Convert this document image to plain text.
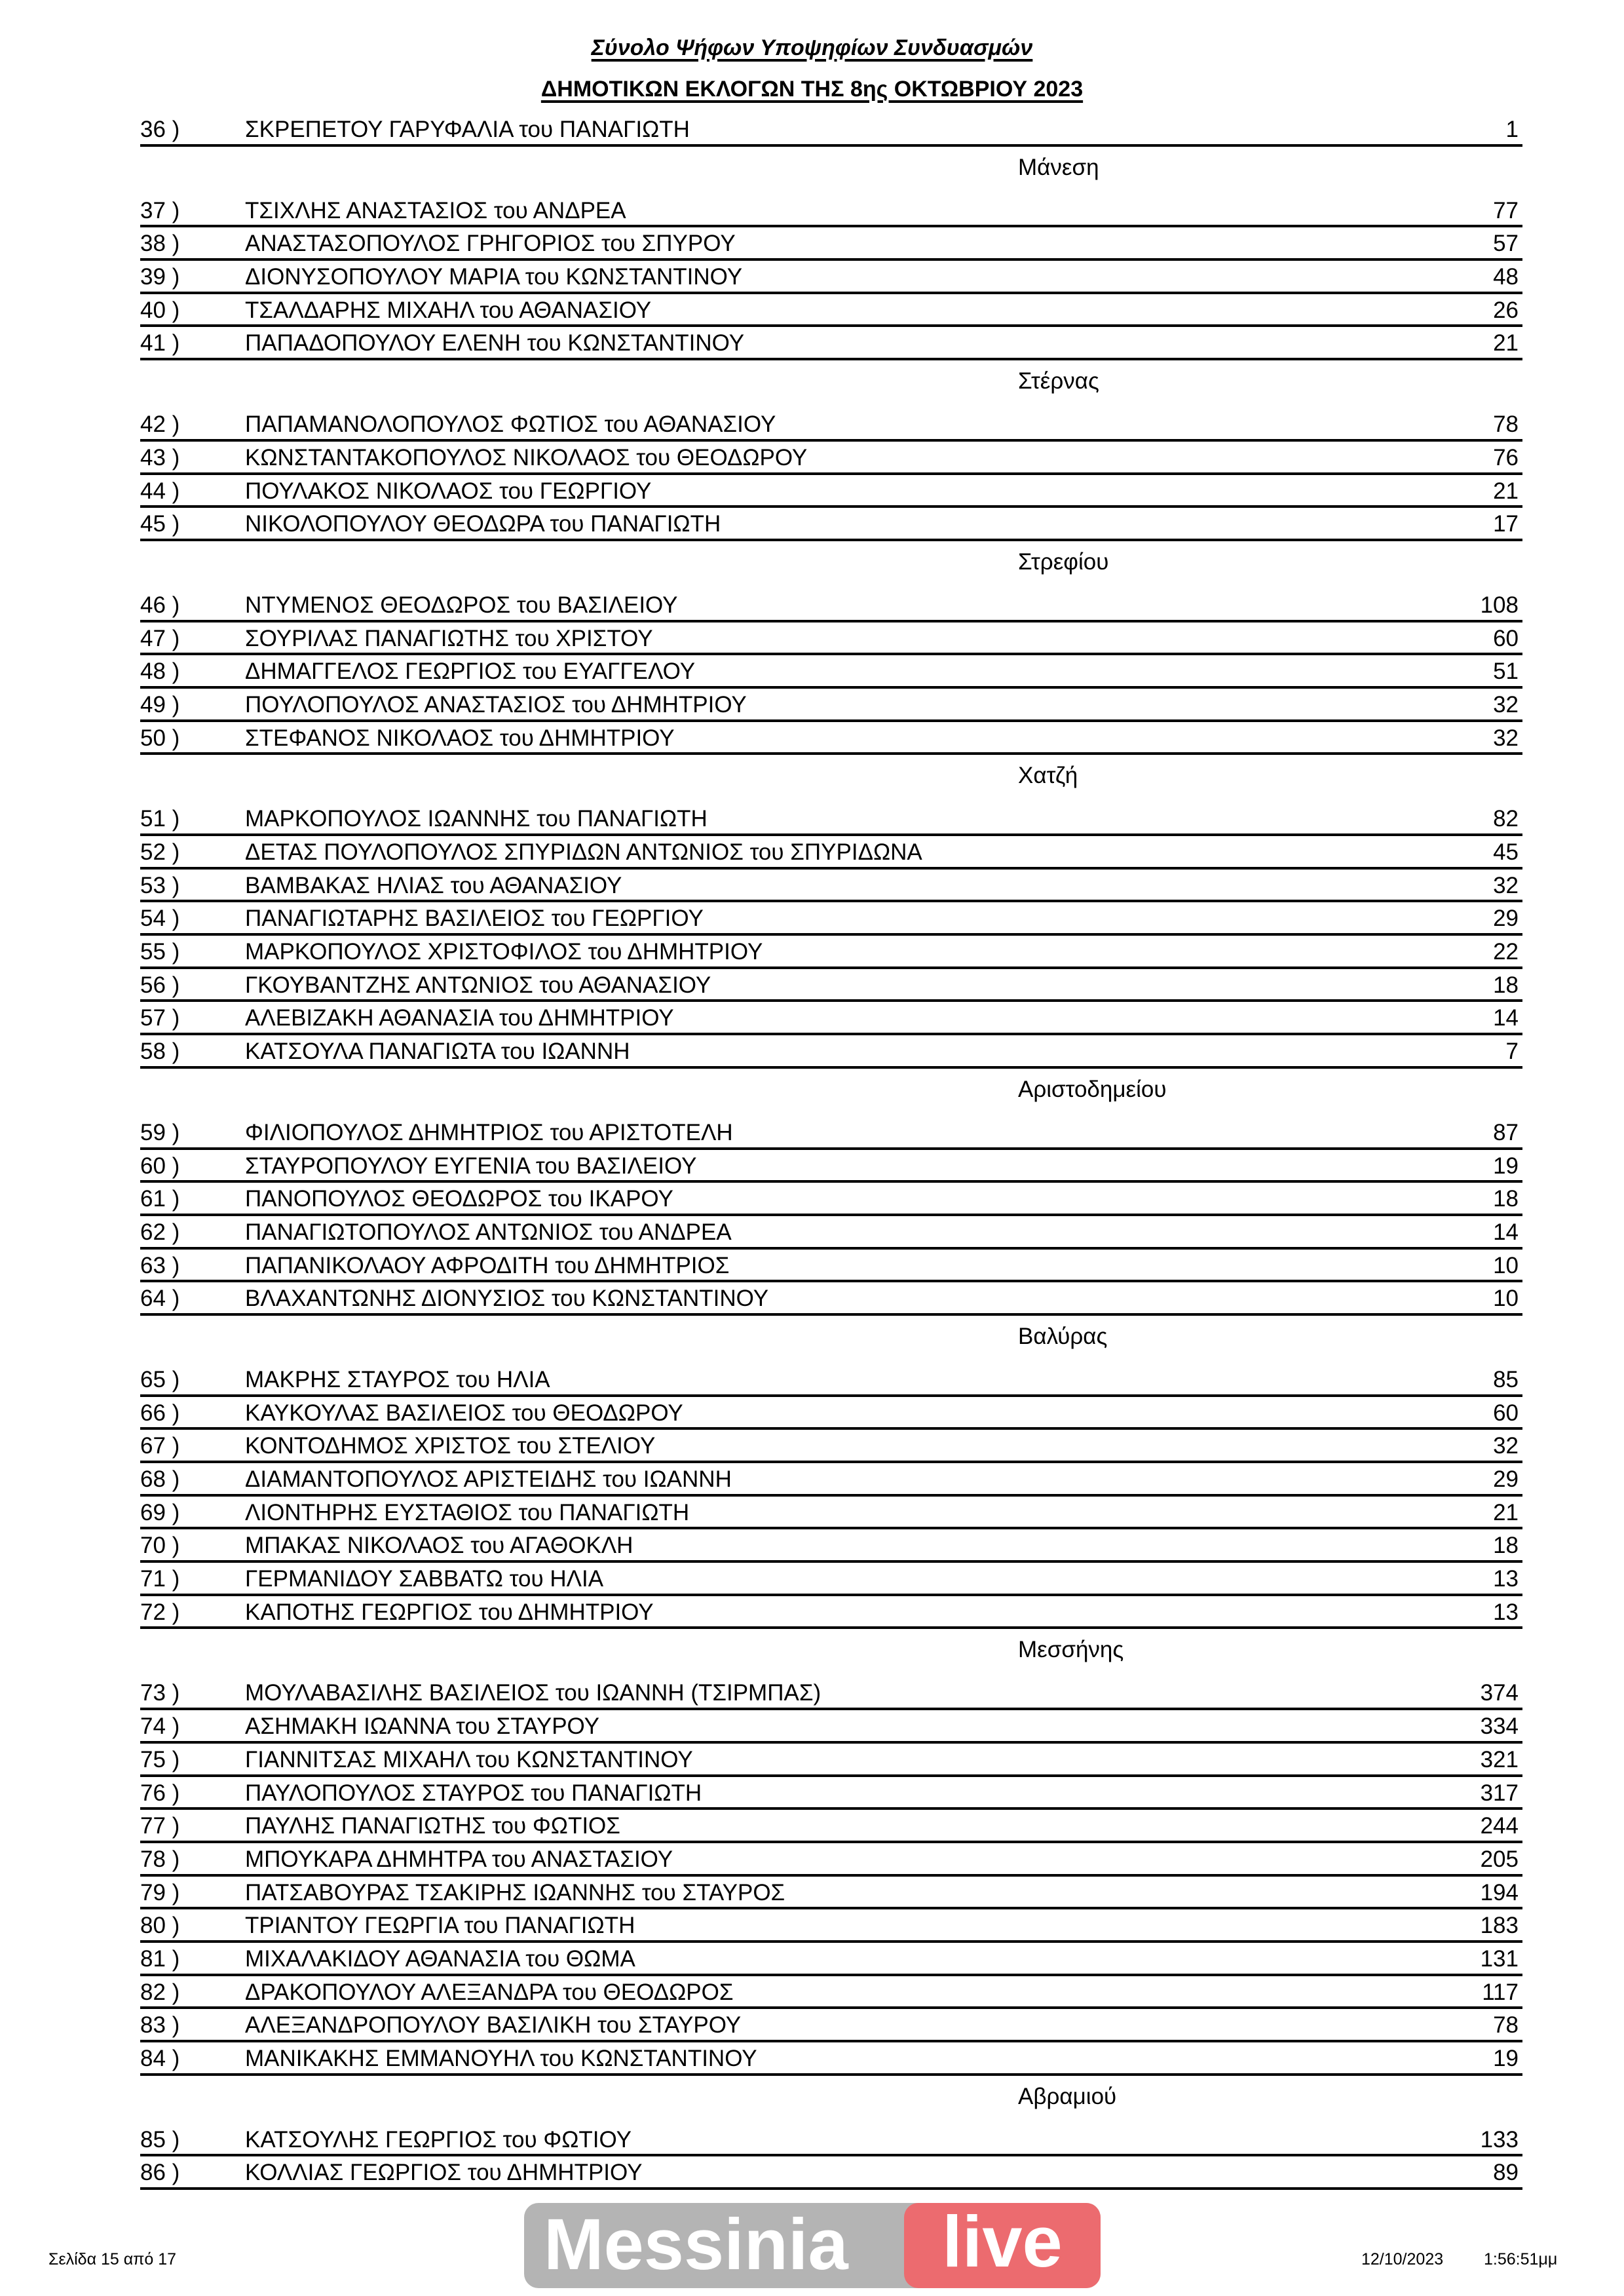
Σύνολο Ψήφων Υποψηφίων Συνδυασμών
ΔΗΜΟΤΙΚΩΝ ΕΚΛΟΓΩΝ ΤΗΣ 8ης ΟΚΤΩΒΡΙΟΥ 2023
36 )	ΣΚΡΕΠΕΤΟΥ ΓΑΡΥΦΑΛΙΑ του ΠΑΝΑΓΙΩΤΗ	1
Μάνεση
37 )	ΤΣΙΧΛΗΣ ΑΝΑΣΤΑΣΙΟΣ του ΑΝΔΡΕΑ	77
38 )	ΑΝΑΣΤΑΣΟΠΟΥΛΟΣ ΓΡΗΓΟΡΙΟΣ του ΣΠΥΡΟΥ	57
39 )	ΔΙΟΝΥΣΟΠΟΥΛΟΥ ΜΑΡΙΑ του ΚΩΝΣΤΑΝΤΙΝΟΥ	48
40 )	ΤΣΑΛΔΑΡΗΣ ΜΙΧΑΗΛ του ΑΘΑΝΑΣΙΟΥ	26
41 )	ΠΑΠΑΔΟΠΟΥΛΟΥ ΕΛΕΝΗ του ΚΩΝΣΤΑΝΤΙΝΟΥ	21
Στέρνας
42 )	ΠΑΠΑΜΑΝΟΛΟΠΟΥΛΟΣ ΦΩΤΙΟΣ του ΑΘΑΝΑΣΙΟΥ	78
43 )	ΚΩΝΣΤΑΝΤΑΚΟΠΟΥΛΟΣ ΝΙΚΟΛΑΟΣ του ΘΕΟΔΩΡΟΥ	76
44 )	ΠΟΥΛΑΚΟΣ ΝΙΚΟΛΑΟΣ του ΓΕΩΡΓΙΟΥ	21
45 )	ΝΙΚΟΛΟΠΟΥΛΟΥ ΘΕΟΔΩΡΑ του ΠΑΝΑΓΙΩΤΗ	17
Στρεφίου
46 )	ΝΤΥΜΕΝΟΣ ΘΕΟΔΩΡΟΣ του ΒΑΣΙΛΕΙΟΥ	108
47 )	ΣΟΥΡΙΛΑΣ ΠΑΝΑΓΙΩΤΗΣ του ΧΡΙΣΤΟΥ	60
48 )	ΔΗΜΑΓΓΕΛΟΣ ΓΕΩΡΓΙΟΣ του ΕΥΑΓΓΕΛΟΥ	51
49 )	ΠΟΥΛΟΠΟΥΛΟΣ ΑΝΑΣΤΑΣΙΟΣ του ΔΗΜΗΤΡΙΟΥ	32
50 )	ΣΤΕΦΑΝΟΣ ΝΙΚΟΛΑΟΣ του ΔΗΜΗΤΡΙΟΥ	32
Χατζή
51 )	ΜΑΡΚΟΠΟΥΛΟΣ ΙΩΑΝΝΗΣ του ΠΑΝΑΓΙΩΤΗ	82
52 )	ΔΕΤΑΣ ΠΟΥΛΟΠΟΥΛΟΣ ΣΠΥΡΙΔΩΝ ΑΝΤΩΝΙΟΣ του ΣΠΥΡΙΔΩΝΑ	45
53 )	ΒΑΜΒΑΚΑΣ ΗΛΙΑΣ του ΑΘΑΝΑΣΙΟΥ	32
54 )	ΠΑΝΑΓΙΩΤΑΡΗΣ ΒΑΣΙΛΕΙΟΣ του ΓΕΩΡΓΙΟΥ	29
55 )	ΜΑΡΚΟΠΟΥΛΟΣ ΧΡΙΣΤΟΦΙΛΟΣ του ΔΗΜΗΤΡΙΟΥ	22
56 )	ΓΚΟΥΒΑΝΤΖΗΣ ΑΝΤΩΝΙΟΣ του ΑΘΑΝΑΣΙΟΥ	18
57 )	ΑΛΕΒΙΖΑΚΗ ΑΘΑΝΑΣΙΑ του ΔΗΜΗΤΡΙΟΥ	14
58 )	ΚΑΤΣΟΥΛΑ ΠΑΝΑΓΙΩΤΑ του ΙΩΑΝΝΗ	7
Αριστοδημείου
59 )	ΦΙΛΙΟΠΟΥΛΟΣ ΔΗΜΗΤΡΙΟΣ του ΑΡΙΣΤΟΤΕΛΗ	87
60 )	ΣΤΑΥΡΟΠΟΥΛΟΥ ΕΥΓΕΝΙΑ του ΒΑΣΙΛΕΙΟΥ	19
61 )	ΠΑΝΟΠΟΥΛΟΣ ΘΕΟΔΩΡΟΣ του ΙΚΑΡΟΥ	18
62 )	ΠΑΝΑΓΙΩΤΟΠΟΥΛΟΣ ΑΝΤΩΝΙΟΣ του ΑΝΔΡΕΑ	14
63 )	ΠΑΠΑΝΙΚΟΛΑΟΥ ΑΦΡΟΔΙΤΗ του ΔΗΜΗΤΡΙΟΣ	10
64 )	ΒΛΑΧΑΝΤΩΝΗΣ ΔΙΟΝΥΣΙΟΣ του ΚΩΝΣΤΑΝΤΙΝΟΥ	10
Βαλύρας
65 )	ΜΑΚΡΗΣ ΣΤΑΥΡΟΣ του ΗΛΙΑ	85
66 )	ΚΑΥΚΟΥΛΑΣ ΒΑΣΙΛΕΙΟΣ του ΘΕΟΔΩΡΟΥ	60
67 )	ΚΟΝΤΟΔΗΜΟΣ ΧΡΙΣΤΟΣ του ΣΤΕΛΙΟΥ	32
68 )	ΔΙΑΜΑΝΤΟΠΟΥΛΟΣ ΑΡΙΣΤΕΙΔΗΣ του ΙΩΑΝΝΗ	29
69 )	ΛΙΟΝΤΗΡΗΣ ΕΥΣΤΑΘΙΟΣ του ΠΑΝΑΓΙΩΤΗ	21
70 )	ΜΠΑΚΑΣ ΝΙΚΟΛΑΟΣ του ΑΓΑΘΟΚΛΗ	18
71 )	ΓΕΡΜΑΝΙΔΟΥ ΣΑΒΒΑΤΩ του ΗΛΙΑ	13
72 )	ΚΑΠΟΤΗΣ ΓΕΩΡΓΙΟΣ του ΔΗΜΗΤΡΙΟΥ	13
Μεσσήνης
73 )	ΜΟΥΛΑΒΑΣΙΛΗΣ ΒΑΣΙΛΕΙΟΣ του ΙΩΑΝΝΗ (ΤΣΙΡΜΠΑΣ)	374
74 )	ΑΣΗΜΑΚΗ ΙΩΑΝΝΑ του ΣΤΑΥΡΟΥ	334
75 )	ΓΙΑΝΝΙΤΣΑΣ ΜΙΧΑΗΛ του ΚΩΝΣΤΑΝΤΙΝΟΥ	321
76 )	ΠΑΥΛΟΠΟΥΛΟΣ ΣΤΑΥΡΟΣ του ΠΑΝΑΓΙΩΤΗ	317
77 )	ΠΑΥΛΗΣ ΠΑΝΑΓΙΩΤΗΣ του ΦΩΤΙΟΣ	244
78 )	ΜΠΟΥΚΑΡΑ ΔΗΜΗΤΡΑ του ΑΝΑΣΤΑΣΙΟΥ	205
79 )	ΠΑΤΣΑΒΟΥΡΑΣ ΤΣΑΚΙΡΗΣ ΙΩΑΝΝΗΣ του ΣΤΑΥΡΟΣ	194
80 )	ΤΡΙΑΝΤΟΥ ΓΕΩΡΓΙΑ του ΠΑΝΑΓΙΩΤΗ	183
81 )	ΜΙΧΑΛΑΚΙΔΟΥ ΑΘΑΝΑΣΙΑ του ΘΩΜΑ	131
82 )	ΔΡΑΚΟΠΟΥΛΟΥ ΑΛΕΞΑΝΔΡΑ του ΘΕΟΔΩΡΟΣ	117
83 )	ΑΛΕΞΑΝΔΡΟΠΟΥΛΟΥ ΒΑΣΙΛΙΚΗ του ΣΤΑΥΡΟΥ	78
84 )	ΜΑΝΙΚΑΚΗΣ ΕΜΜΑΝΟΥΗΛ του ΚΩΝΣΤΑΝΤΙΝΟΥ	19
Αβραμιού
85 )	ΚΑΤΣΟΥΛΗΣ ΓΕΩΡΓΙΟΣ του ΦΩΤΙΟΥ	133
86 )	ΚΟΛΛΙΑΣ ΓΕΩΡΓΙΟΣ του ΔΗΜΗΤΡΙΟΥ	89
Messinia	live
Σελίδα 15 από 17	12/10/2023 1:56:51μμ
